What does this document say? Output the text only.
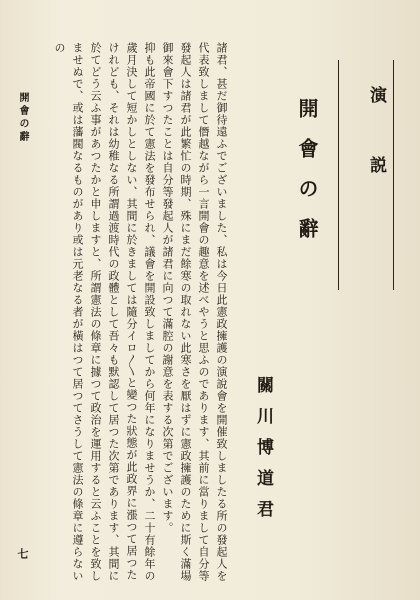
開會の辭
七
演　説
開會の辭
關川博道君

諸君、甚だ御待遠ふでございました、私は今日此憲政擁護の演說會を開催致しましたる所の發起人を代表致しまして僭越ながら一言開會の趣意を述べやうと思ふのであります、其前に當りまして自分等發起人は諸君が此繁忙の時期、殊にまだ餘寒の取れない此寒さを厭はずに憲政擁護のために斯く滿場御來會下すつたことは自分等發起人が諸君に向つて滿腔の謝意を表する次第でございます。

抑も此帝國に於て憲法を發布せられ、議會を開設致しましてから何年になりませうか、二十有餘年の歲月決して短かしとしない、其間に於きましては隨分イロ〳〵と變つた狀態が此政界に漲つて居つたけれども、それは幼稚なる所謂過渡時代の政體として吾々も默認して居つた次第であります、其間に於てどう云ふ事があつたかと申しますと、所謂憲法の條章に據つて政治を運用すると云ふことを致しませぬで、或は藩閥なるものがあり或は元老なる者が橫はつて居つてさうして憲法の條章に遵らないの
